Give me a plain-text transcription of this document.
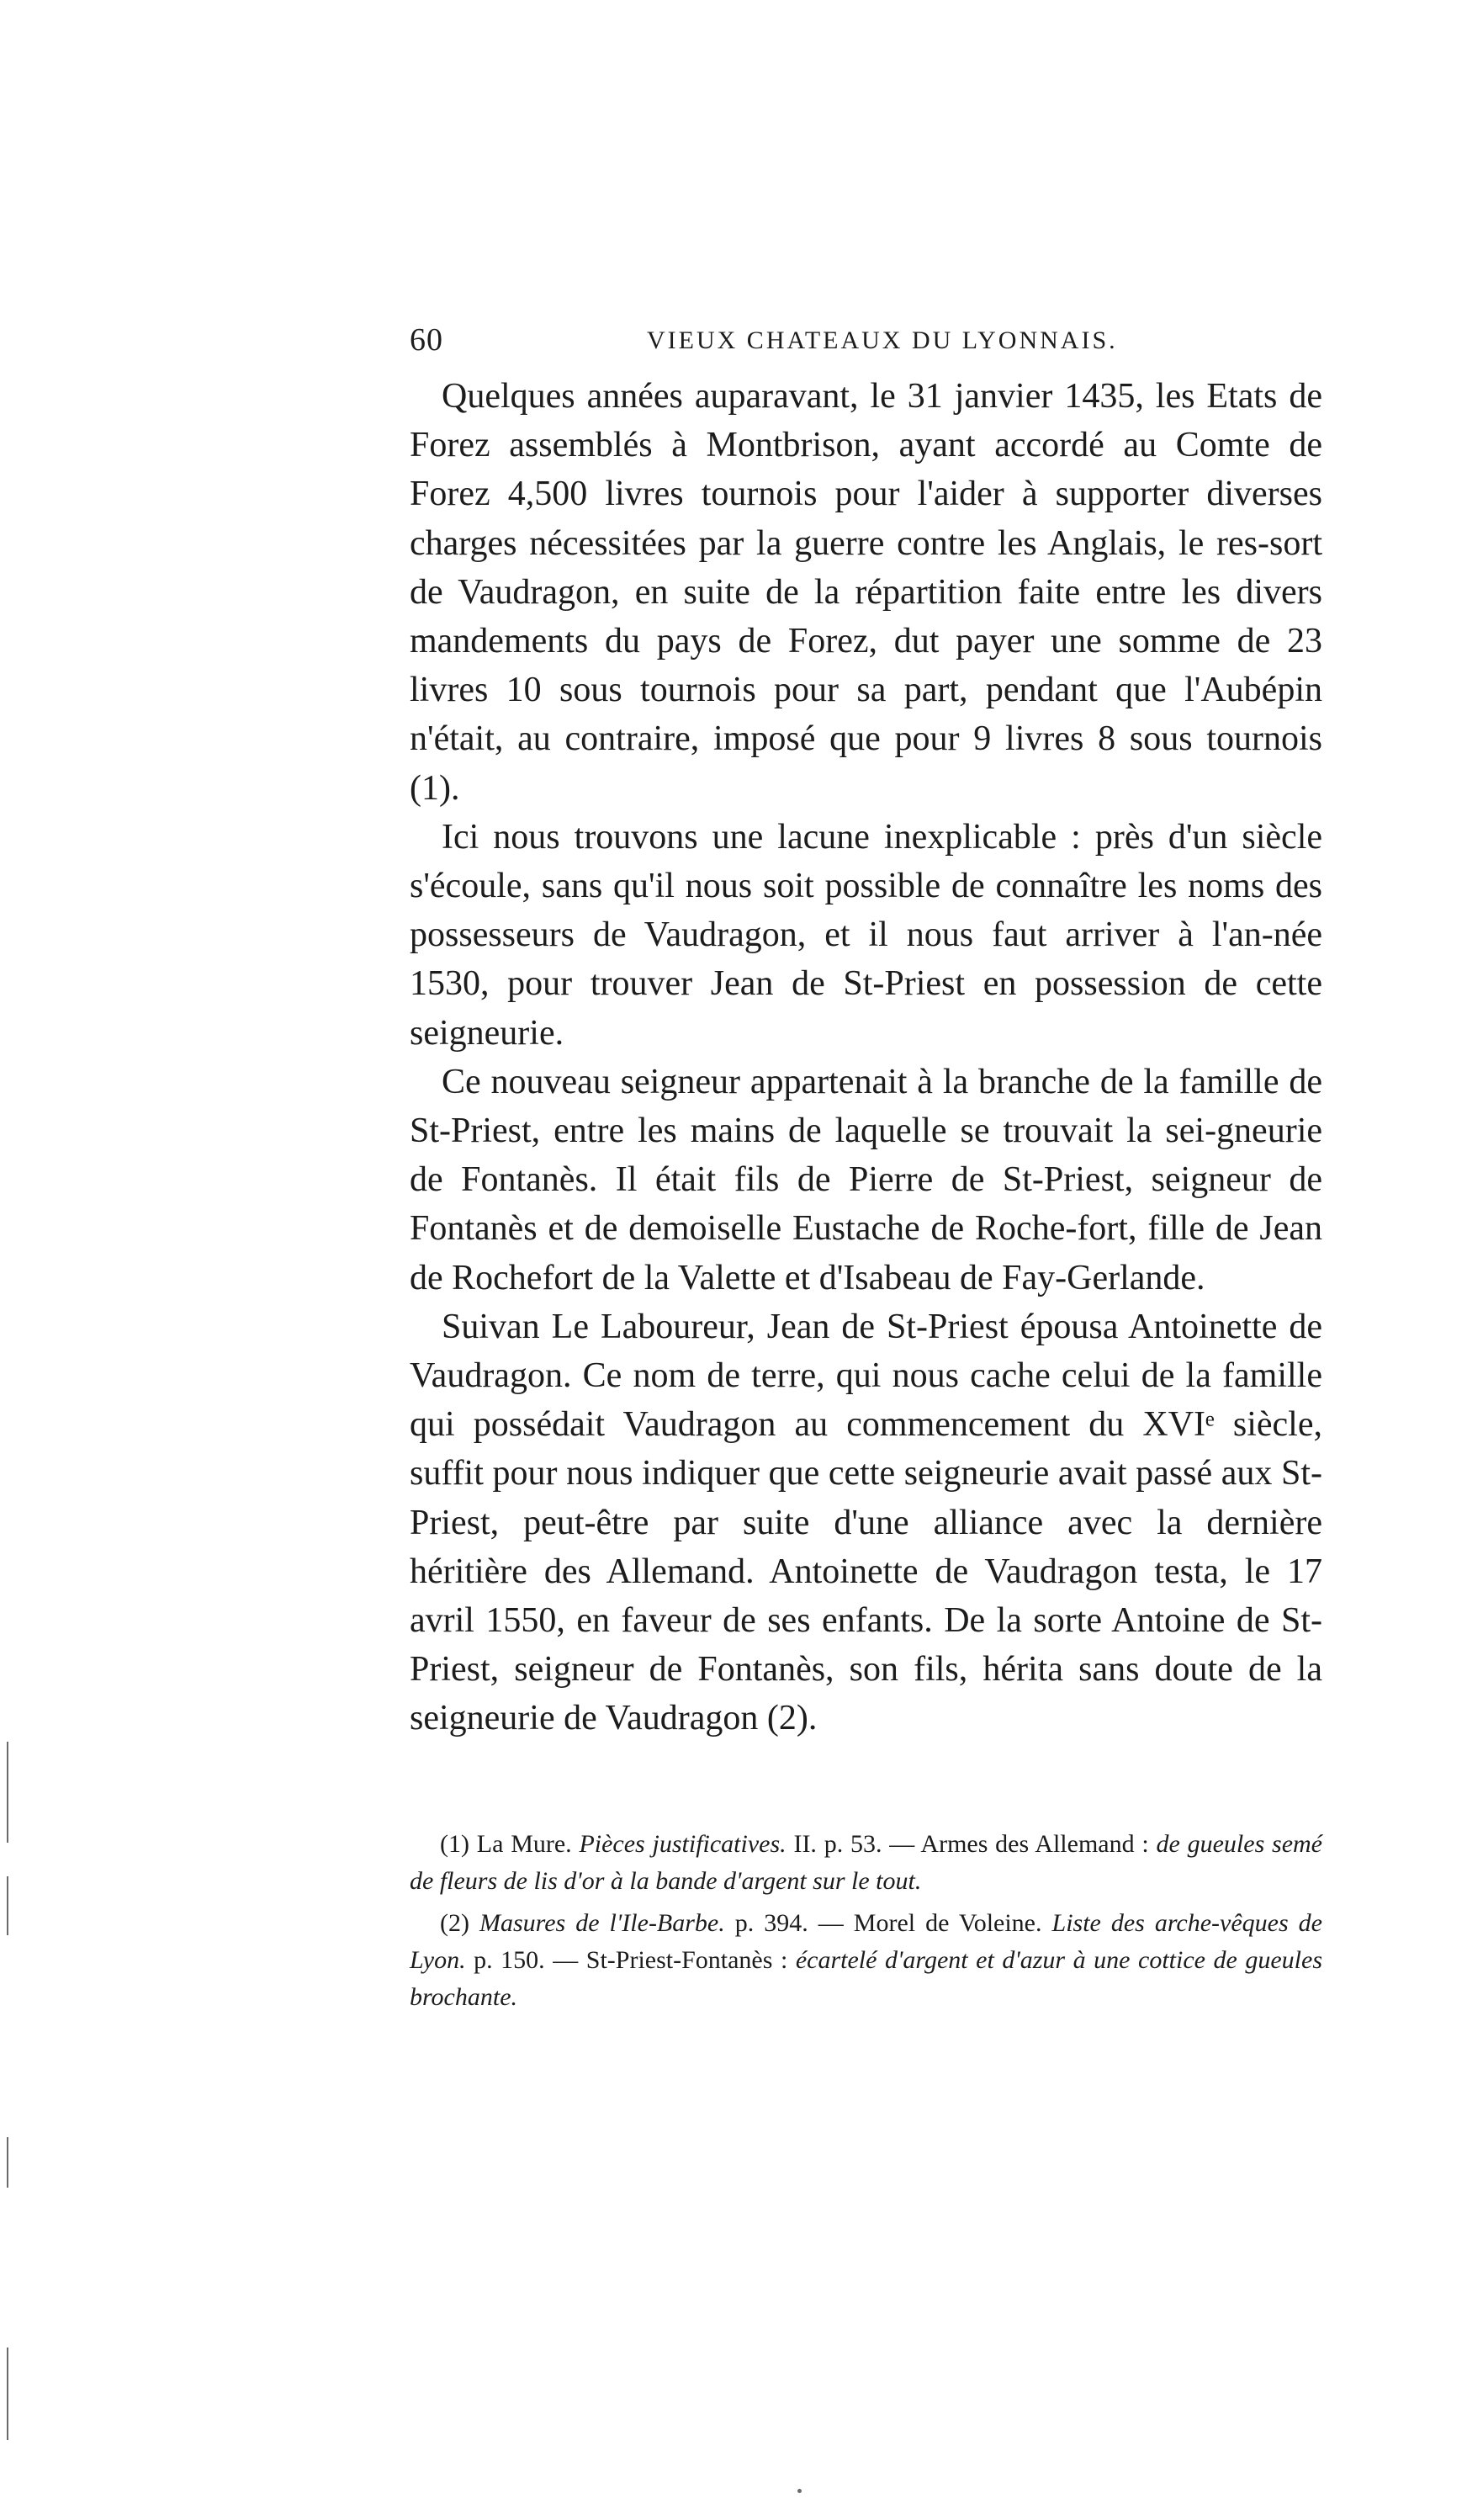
60	VIEUX CHATEAUX DU LYONNAIS.

Quelques années auparavant, le 31 janvier 1435, les Etats de Forez assemblés à Montbrison, ayant accordé au Comte de Forez 4,500 livres tournois pour l'aider à supporter diverses charges nécessitées par la guerre contre les Anglais, le res-sort de Vaudragon, en suite de la répartition faite entre les divers mandements du pays de Forez, dut payer une somme de 23 livres 10 sous tournois pour sa part, pendant que l'Aubépin n'était, au contraire, imposé que pour 9 livres 8 sous tournois (1).

Ici nous trouvons une lacune inexplicable : près d'un siècle s'écoule, sans qu'il nous soit possible de connaître les noms des possesseurs de Vaudragon, et il nous faut arriver à l'an-née 1530, pour trouver Jean de St-Priest en possession de cette seigneurie.

Ce nouveau seigneur appartenait à la branche de la famille de St-Priest, entre les mains de laquelle se trouvait la sei-gneurie de Fontanès. Il était fils de Pierre de St-Priest, seigneur de Fontanès et de demoiselle Eustache de Roche-fort, fille de Jean de Rochefort de la Valette et d'Isabeau de Fay-Gerlande.

Suivan Le Laboureur, Jean de St-Priest épousa Antoinette de Vaudragon. Ce nom de terre, qui nous cache celui de la famille qui possédait Vaudragon au commencement du XVIᵉ siècle, suffit pour nous indiquer que cette seigneurie avait passé aux St-Priest, peut-être par suite d'une alliance avec la dernière héritière des Allemand. Antoinette de Vaudragon testa, le 17 avril 1550, en faveur de ses enfants. De la sorte Antoine de St-Priest, seigneur de Fontanès, son fils, hérita sans doute de la seigneurie de Vaudragon (2).

(1) La Mure. Pièces justificatives. II. p. 53. — Armes des Allemand : de gueules semé de fleurs de lis d'or à la bande d'argent sur le tout.

(2) Masures de l'Ile-Barbe. p. 394. — Morel de Voleine. Liste des arche-vêques de Lyon. p. 150. — St-Priest-Fontanès : écartelé d'argent et d'azur à une cottice de gueules brochante.
